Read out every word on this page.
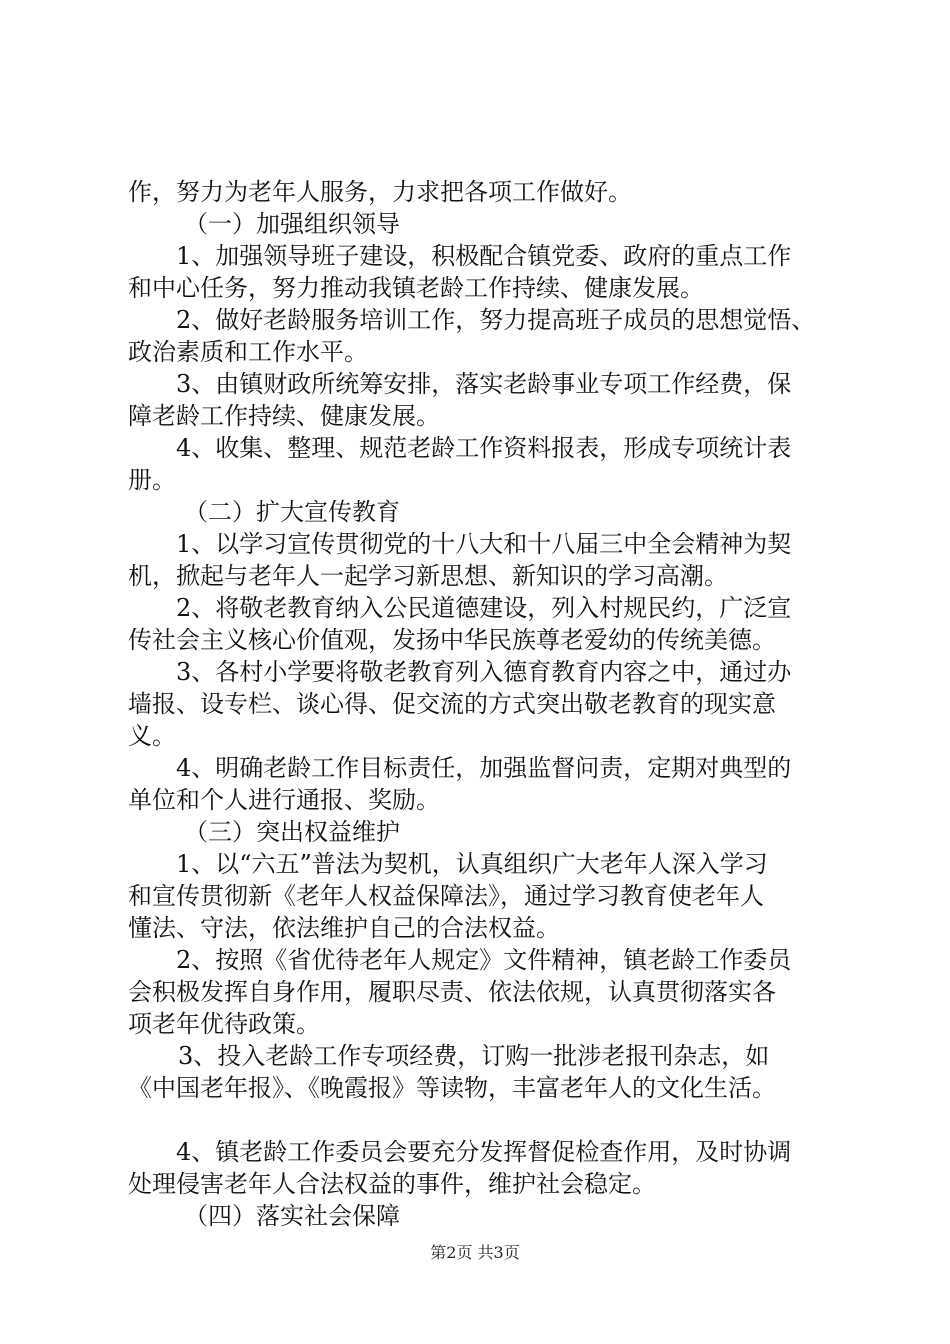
作，努力为老年人服务，力求把各项工作做好。
（一）加强组织领导
1、加强领导班子建设，积极配合镇党委、政府的重点工作
和中心任务，努力推动我镇老龄工作持续、健康发展。
2、做好老龄服务培训工作，努力提高班子成员的思想觉悟、
政治素质和工作水平。
3、由镇财政所统筹安排，落实老龄事业专项工作经费，保
障老龄工作持续、健康发展。
4、收集、整理、规范老龄工作资料报表，形成专项统计表
册。
（二）扩大宣传教育
1、以学习宣传贯彻党的十八大和十八届三中全会精神为契
机，掀起与老年人一起学习新思想、新知识的学习高潮。
2、将敬老教育纳入公民道德建设，列入村规民约，广泛宣
传社会主义核心价值观，发扬中华民族尊老爱幼的传统美德。
3、各村小学要将敬老教育列入德育教育内容之中，通过办
墙报、设专栏、谈心得、促交流的方式突出敬老教育的现实意
义。
4、明确老龄工作目标责任，加强监督问责，定期对典型的
单位和个人进行通报、奖励。
（三）突出权益维护
1、以“六五”普法为契机，认真组织广大老年人深入学习
和宣传贯彻新《老年人权益保障法》，通过学习教育使老年人
懂法、守法，依法维护自己的合法权益。
2、按照《省优待老年人规定》文件精神，镇老龄工作委员
会积极发挥自身作用，履职尽责、依法依规，认真贯彻落实各
项老年优待政策。
3、投入老龄工作专项经费，订购一批涉老报刊杂志，如
《中国老年报》、《晚霞报》等读物，丰富老年人的文化生活。
4、镇老龄工作委员会要充分发挥督促检查作用，及时协调
处理侵害老年人合法权益的事件，维护社会稳定。
（四）落实社会保障
第2页 共3页
